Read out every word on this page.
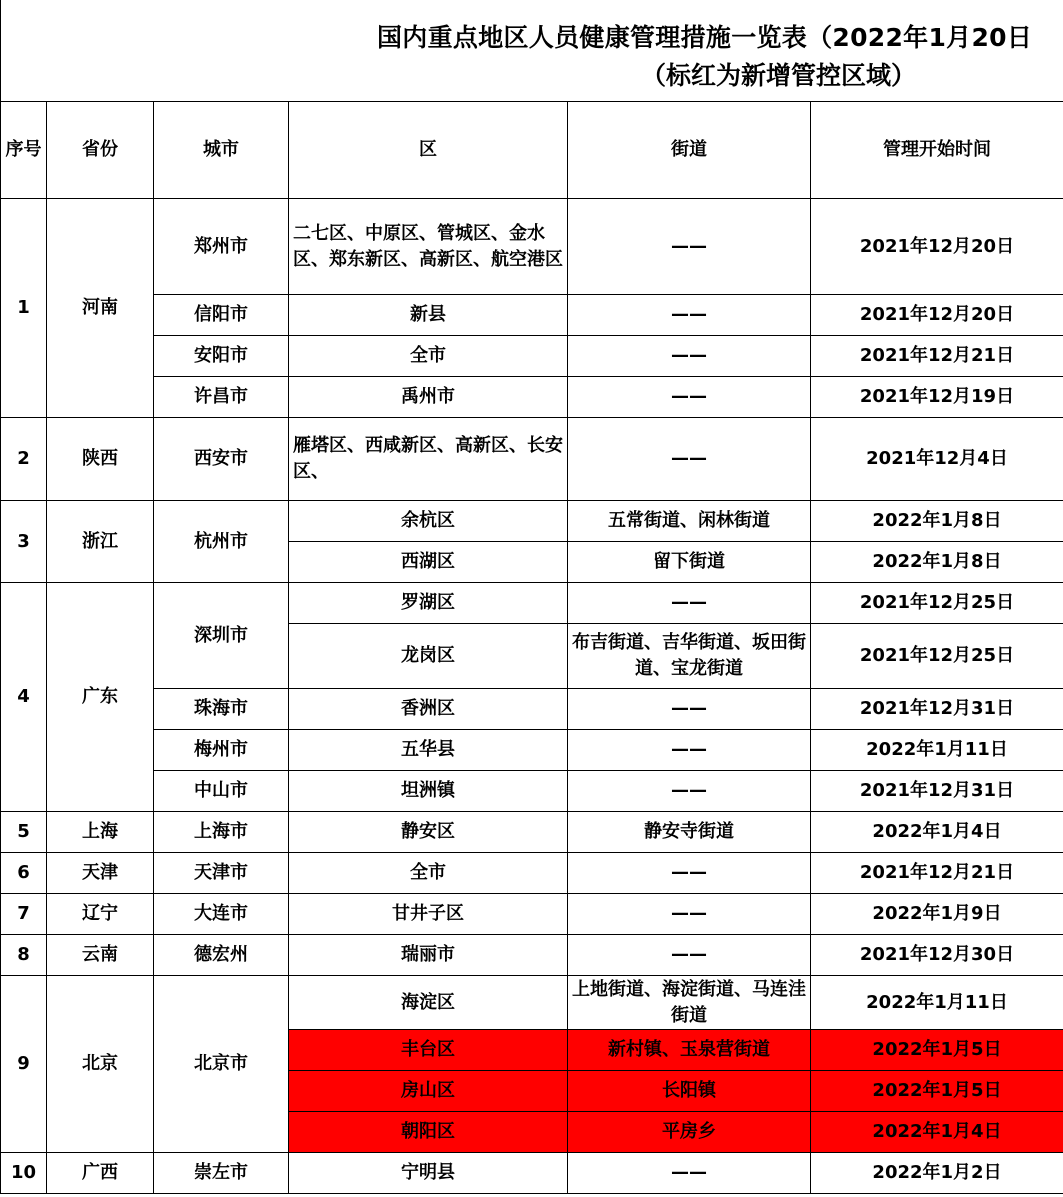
国内重点地区人员健康管理措施一览表（2022年1月20日
（标红为新增管控区域）
序号	省份	城市	区	街道	管理开始时间
1	河南	郑州市	二七区、中原区、管城区、金水区、郑东新区、高新区、航空港区	——	2021年12月20日
		信阳市	新县	——	2021年12月20日
		安阳市	全市	——	2021年12月21日
		许昌市	禹州市	——	2021年12月19日
2	陕西	西安市	雁塔区、西咸新区、高新区、长安区、	——	2021年12月4日
3	浙江	杭州市	余杭区	五常街道、闲林街道	2022年1月8日
			西湖区	留下街道	2022年1月8日
4	广东	深圳市	罗湖区	——	2021年12月25日
			龙岗区	布吉街道、吉华街道、坂田街道、宝龙街道	2021年12月25日
		珠海市	香洲区	——	2021年12月31日
		梅州市	五华县	——	2022年1月11日
		中山市	坦洲镇	——	2021年12月31日
5	上海	上海市	静安区	静安寺街道	2022年1月4日
6	天津	天津市	全市	——	2021年12月21日
7	辽宁	大连市	甘井子区	——	2022年1月9日
8	云南	德宏州	瑞丽市	——	2021年12月30日
9	北京	北京市	海淀区	上地街道、海淀街道、马连洼街道	2022年1月11日
			丰台区	新村镇、玉泉营街道	2022年1月5日
			房山区	长阳镇	2022年1月5日
			朝阳区	平房乡	2022年1月4日
10	广西	崇左市	宁明县	——	2022年1月2日
